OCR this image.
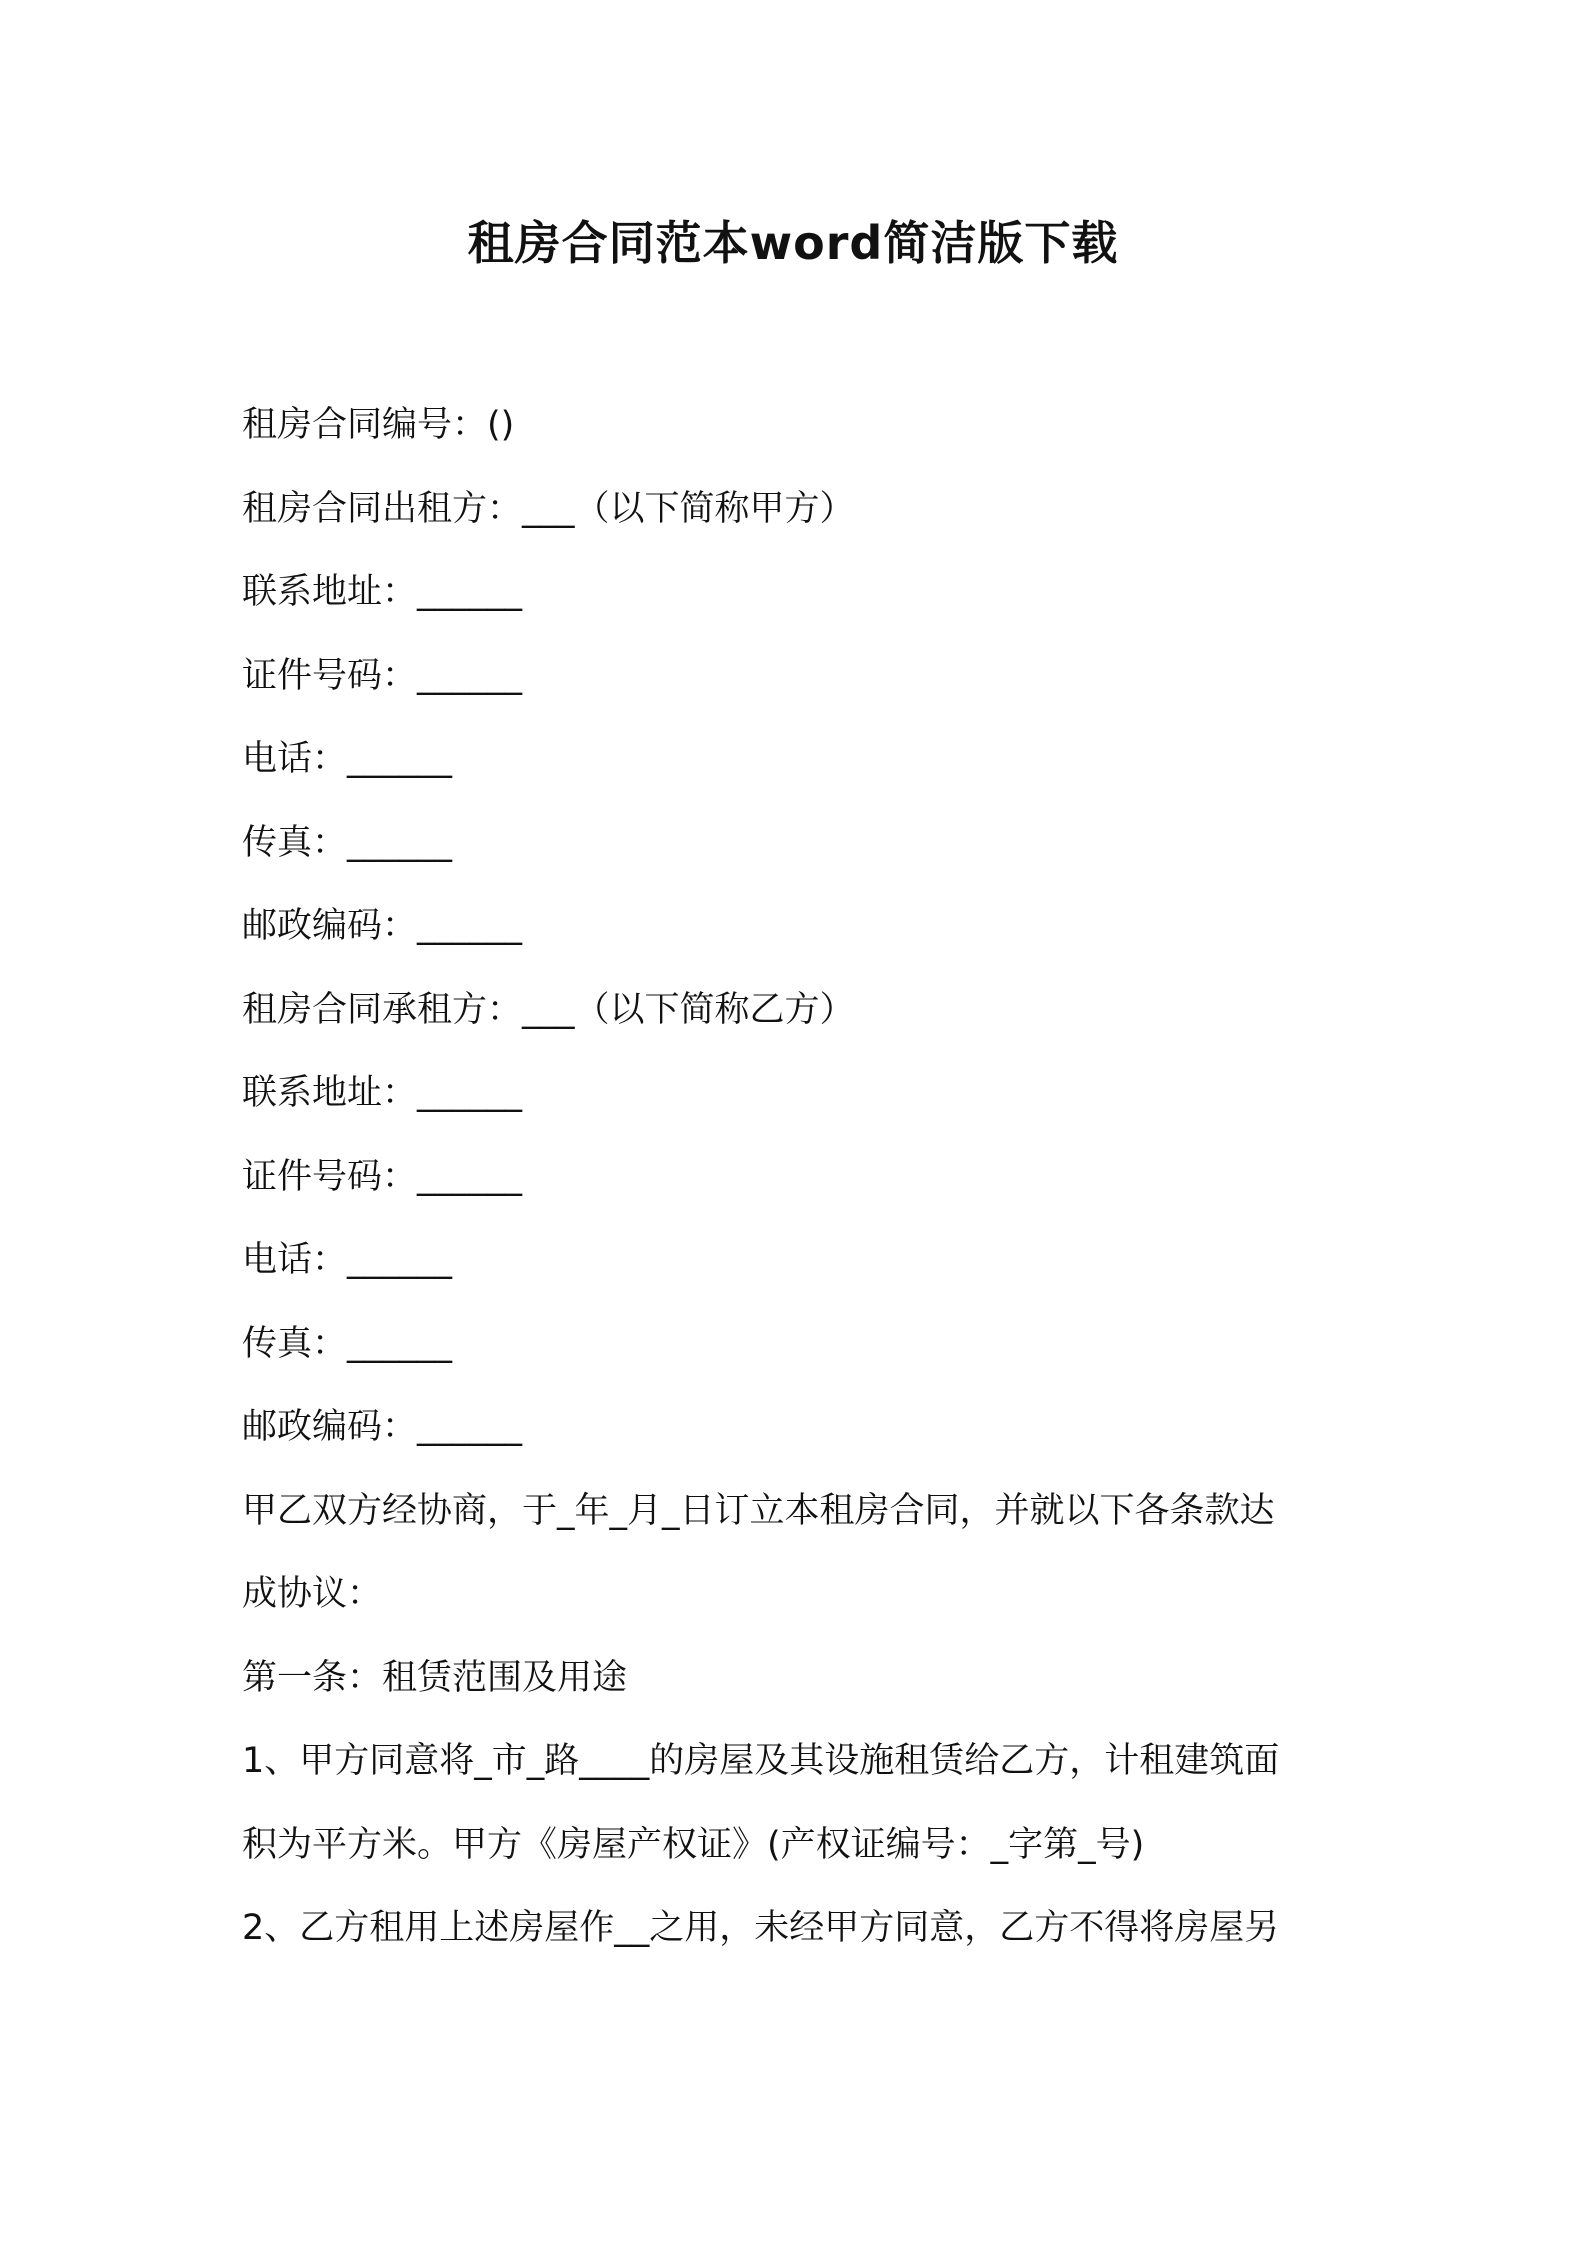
租房合同范本word简洁版下载
租房合同编号：()
租房合同出租方：___（以下简称甲方）
联系地址：______
证件号码：______
电话：______
传真：______
邮政编码：______
租房合同承租方：___（以下简称乙方）
联系地址：______
证件号码：______
电话：______
传真：______
邮政编码：______
甲乙双方经协商，于_年_月_日订立本租房合同，并就以下各条款达
成协议：
第一条：租赁范围及用途
1、甲方同意将_市_路____的房屋及其设施租赁给乙方，计租建筑面
积为平方米。甲方《房屋产权证》(产权证编号：_字第_号)
2、乙方租用上述房屋作__之用，未经甲方同意，乙方不得将房屋另
